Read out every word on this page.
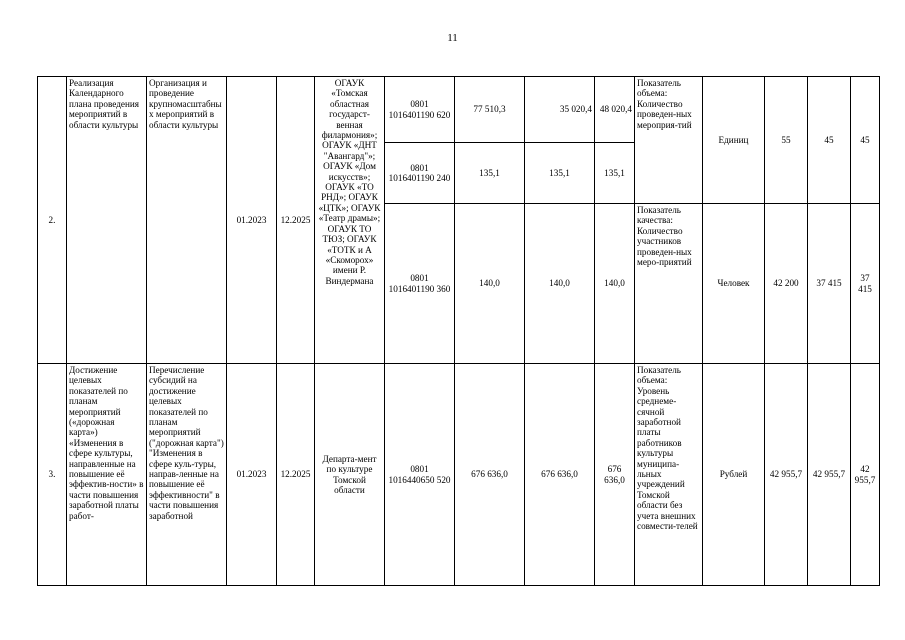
11
2.	Реализация Календарного плана проведения мероприятий в области культуры	Организация и проведение крупномасштабных мероприятий в области культуры	01.2023	12.2025	ОГАУК «Томская областная государст-венная филармония»; ОГАУК «ДНТ "Авангард"»; ОГАУК «Дом искусств»; ОГАУК «ТО РНД»; ОГАУК «ЦТК»; ОГАУК «Театр драмы»; ОГАУК ТО ТЮЗ; ОГАУК «ТОТК и А «Скоморох» имени Р. Виндермана	0801 1016401190 620	77 510,3	35 020,4	48 020,4	Показатель объема: Количество проведен-ных мероприя-тий	Единиц	55	45	45
						0801 1016401190 240	135,1	135,1	135,1					
						0801 1016401190 360	140,0	140,0	140,0	Показатель качества: Количество участников проведен-ных меро-приятий	Человек	42 200	37 415	37 415
3.	Достижение целевых показателей по планам мероприятий («дорожная карта») «Изменения в сфере культуры, направленные на повышение её эффектив-ности» в части повышения заработной платы работ-	Перечисление субсидий на достижение целевых показателей по планам мероприятий ("дорожная карта") "Изменения в сфере куль-туры, направ-ленные на повышение её эффективности" в части повышения заработной	01.2023	12.2025	Департа-мент по культуре Томской области	0801 1016440650 520	676 636,0	676 636,0	676 636,0	Показатель объема: Уровень среднеме-сячной заработной платы работников культуры муниципа-льных учреждений Томской области без учета внешних совмести-телей	Рублей	42 955,7	42 955,7	42 955,7
